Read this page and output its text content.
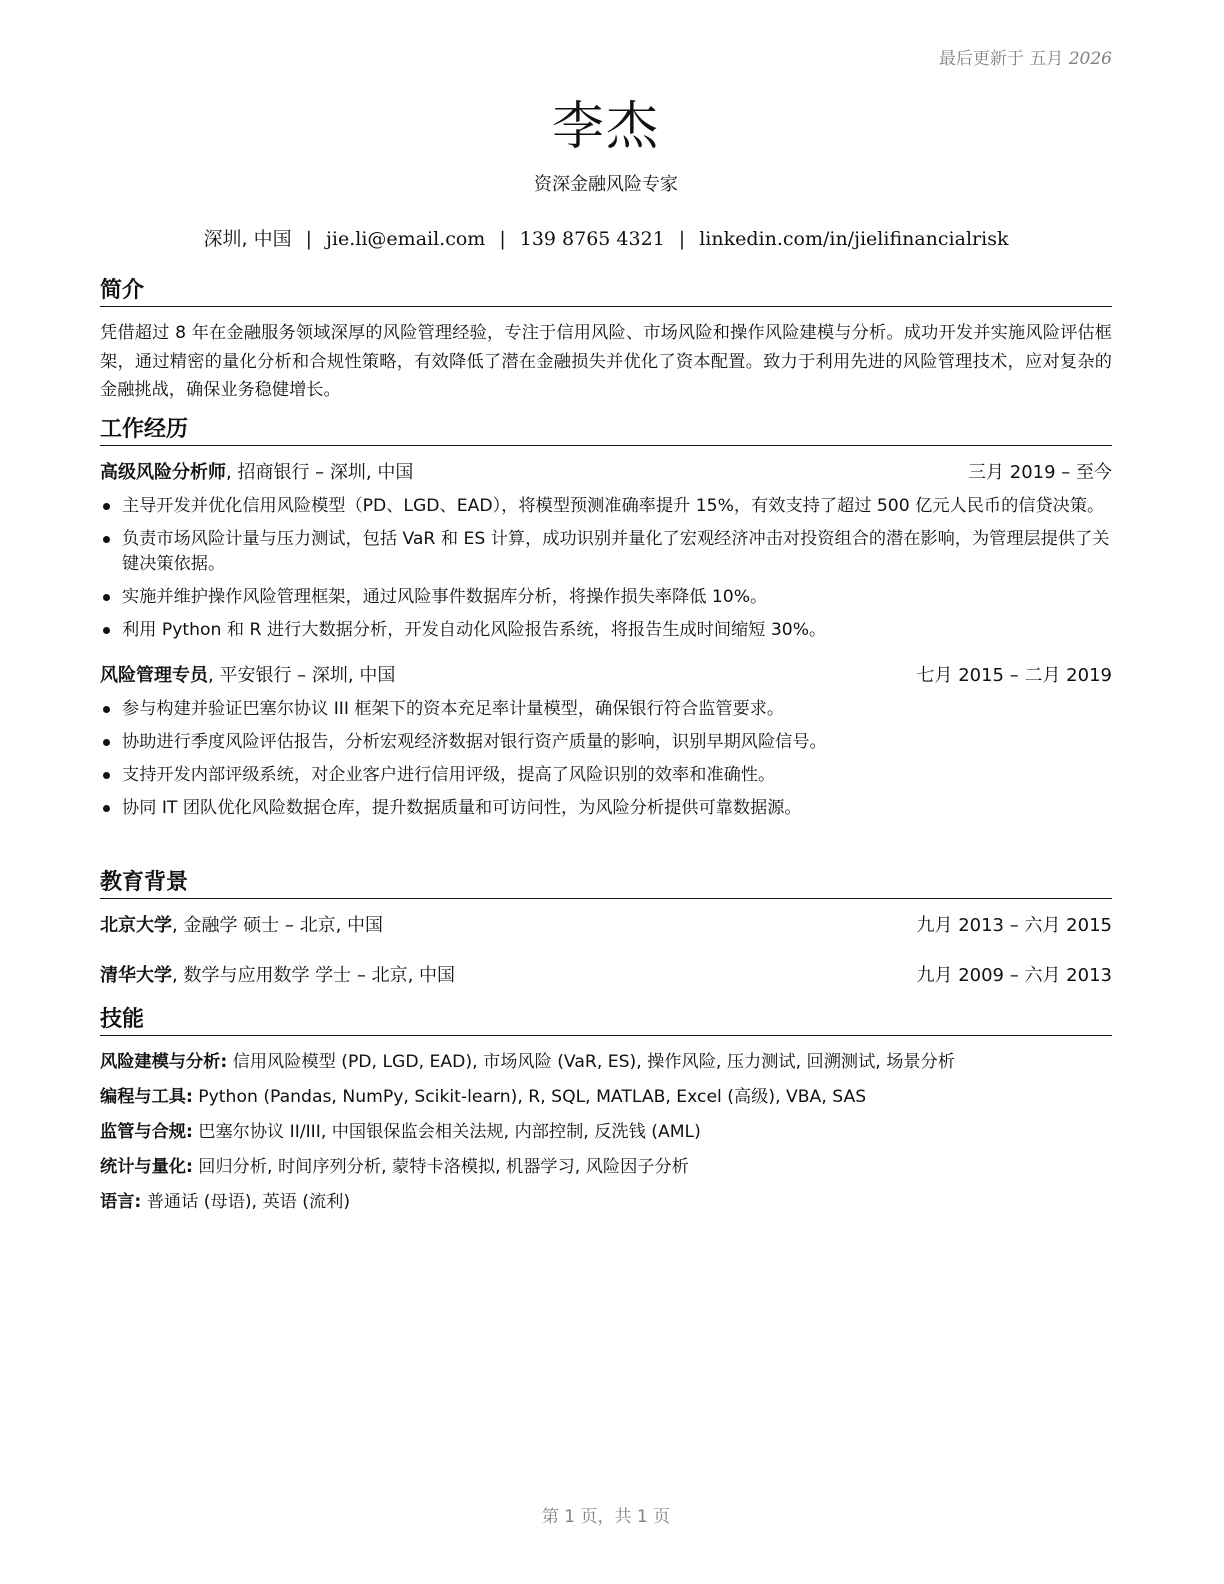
最后更新于 五月 2026
李杰
资深金融风险专家
深圳, 中国 | jie.li@email.com | 139 8765 4321 | linkedin.com/in/jielifinancialrisk
简介
凭借超过 8 年在金融服务领域深厚的风险管理经验，专注于信用风险、市场风险和操作风险建模与分析。成功开发并实施风险评估框架，通过精密的量化分析和合规性策略，有效降低了潜在金融损失并优化了资本配置。致力于利用先进的风险管理技术，应对复杂的金融挑战，确保业务稳健增长。
工作经历
高级风险分析师, 招商银行 – 深圳, 中国	三月 2019 – 至今
主导开发并优化信用风险模型（PD、LGD、EAD），将模型预测准确率提升 15%，有效支持了超过 500 亿元人民币的信贷决策。
负责市场风险计量与压力测试，包括 VaR 和 ES 计算，成功识别并量化了宏观经济冲击对投资组合的潜在影响，为管理层提供了关键决策依据。
实施并维护操作风险管理框架，通过风险事件数据库分析，将操作损失率降低 10%。
利用 Python 和 R 进行大数据分析，开发自动化风险报告系统，将报告生成时间缩短 30%。
风险管理专员, 平安银行 – 深圳, 中国	七月 2015 – 二月 2019
参与构建并验证巴塞尔协议 III 框架下的资本充足率计量模型，确保银行符合监管要求。
协助进行季度风险评估报告，分析宏观经济数据对银行资产质量的影响，识别早期风险信号。
支持开发内部评级系统，对企业客户进行信用评级，提高了风险识别的效率和准确性。
协同 IT 团队优化风险数据仓库，提升数据质量和可访问性，为风险分析提供可靠数据源。
教育背景
北京大学, 金融学 硕士 – 北京, 中国	九月 2013 – 六月 2015
清华大学, 数学与应用数学 学士 – 北京, 中国	九月 2009 – 六月 2013
技能
风险建模与分析: 信用风险模型 (PD, LGD, EAD), 市场风险 (VaR, ES), 操作风险, 压力测试, 回溯测试, 场景分析
编程与工具: Python (Pandas, NumPy, Scikit-learn), R, SQL, MATLAB, Excel (高级), VBA, SAS
监管与合规: 巴塞尔协议 II/III, 中国银保监会相关法规, 内部控制, 反洗钱 (AML)
统计与量化: 回归分析, 时间序列分析, 蒙特卡洛模拟, 机器学习, 风险因子分析
语言: 普通话 (母语), 英语 (流利)
第 1 页，共 1 页
